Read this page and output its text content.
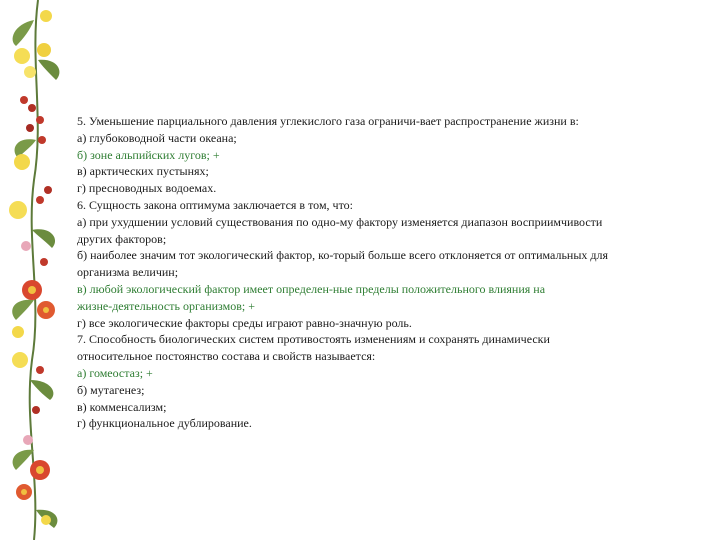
5. Уменьшение парциального давления углекислого газа ограничи-вает распространение жизни в:
а) глубоководной части океана;
б) зоне альпийских лугов; +
в) арктических пустынях;
г) пресноводных водоемах.
6. Сущность закона оптимума заключается в том, что:
а) при ухудшении условий существования по одно-му фактору изменяется диапазон восприимчивости
других факторов;
б) наиболее значим тот экологический фактор, ко-торый больше всего отклоняется от оптимальных для
организма величин;
в) любой экологический фактор имеет определен-ные пределы положительного влияния на
жизне-деятельность организмов; +
г) все экологические факторы среды играют равно-значную роль.
7. Способность биологических систем противостоять изменениям и сохранять динамически
относительное постоянство состава и свойств называется:
а) гомеостаз; +
б) мутагенез;
в) комменсализм;
г) функциональное дублирование.
